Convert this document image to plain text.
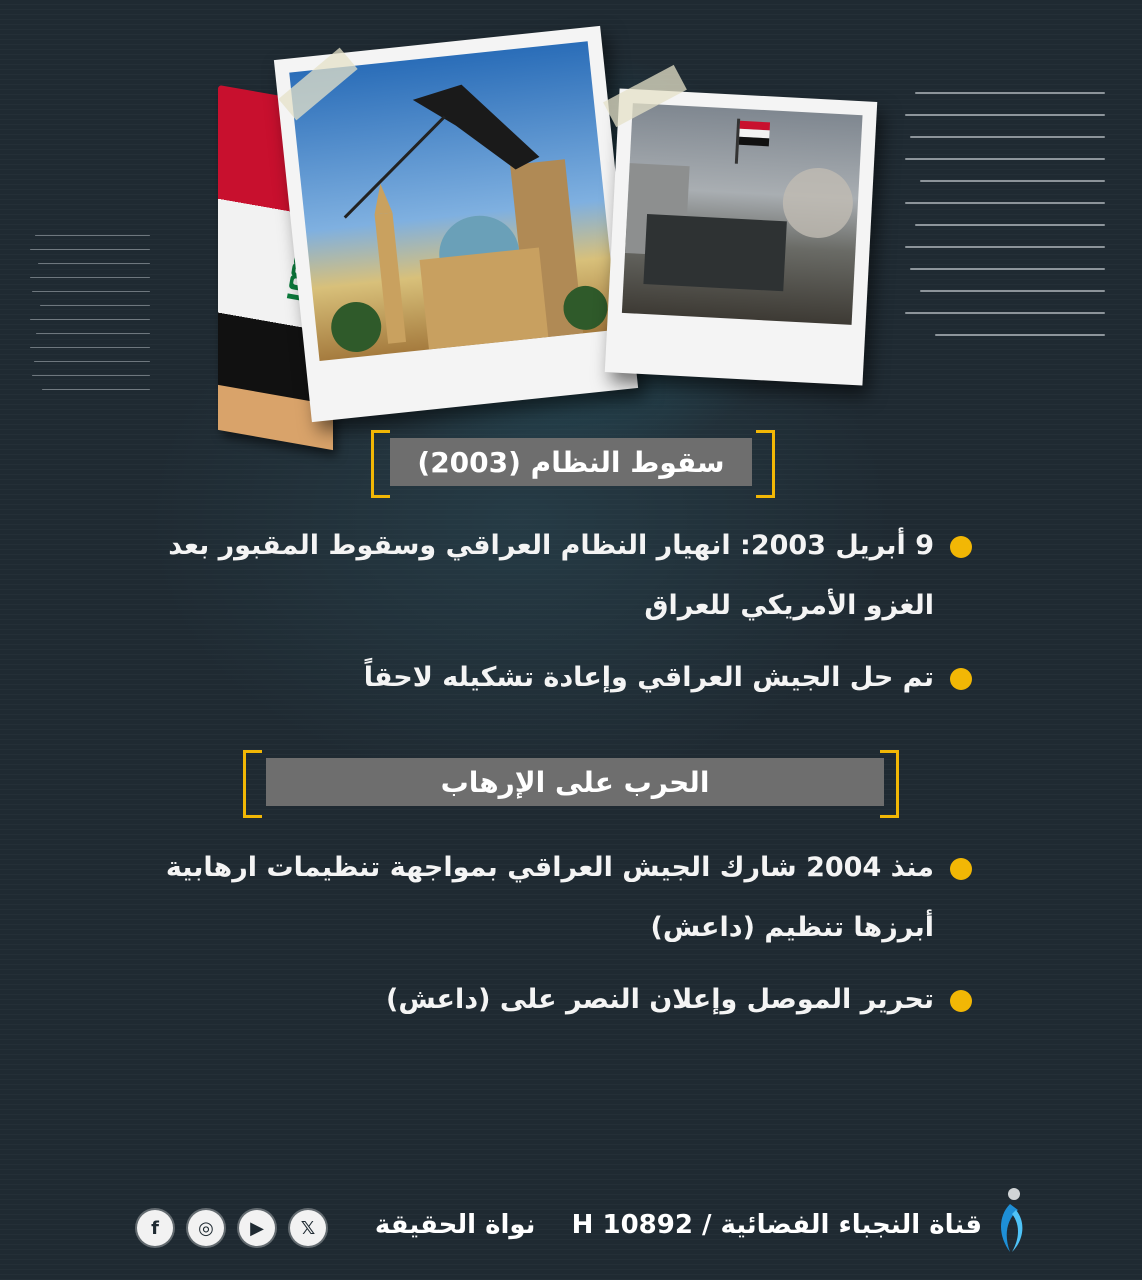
سقوط النظام (2003)
9 أبريل 2003: انهيار النظام العراقي وسقوط المقبور بعد الغزو الأمريكي للعراق
تم حل الجيش العراقي وإعادة تشكيله لاحقاً
الحرب على الإرهاب
منذ 2004 شارك الجيش العراقي بمواجهة تنظيمات ارهابية أبرزها تنظيم (داعش)
تحرير الموصل وإعلان النصر على (داعش)
f ◎ ▶ 𝕏	قناة النجباء الفضائية / H 10892    نواة الحقيقة
